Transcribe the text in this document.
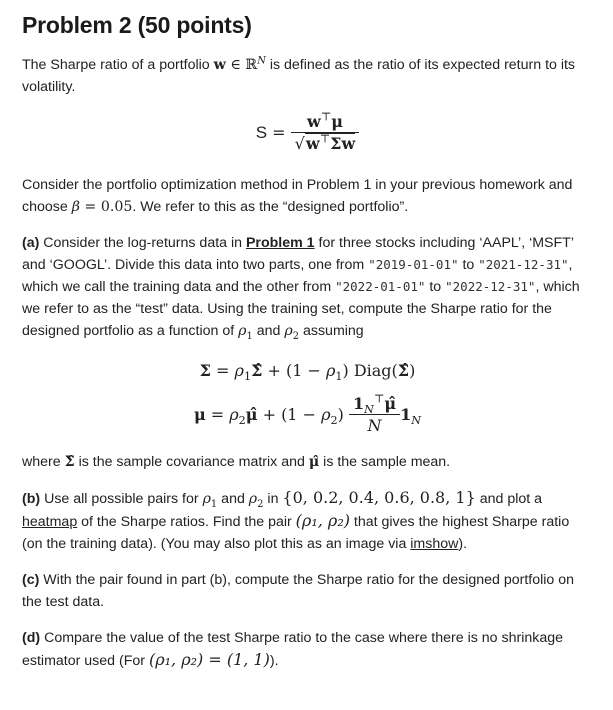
Problem 2 (50 points)

The Sharpe ratio of a portfolio w ∈ ℝ$^N$ is defined as the ratio of its expected return to its volatility.

$S = \frac{w^⊤\mu}{√w^⊤\Sigma w}$

Consider the portfolio optimization method in Problem 1 in your previous homework and choose β = 0.05. We refer to this as the “designed portfolio”.

(a) Consider the log-returns data in Problem 1 for three stocks including ‘AAPL’, ‘MSFT’ and ‘GOOGL’. Divide this data into two parts, one from "2019-01-01" to "2021-12-31", which we call the training data and the other from "2022-01-01" to "2022-12-31", which we refer to as the “test” data. Using the training set, compute the Sharpe ratio for the designed portfolio as a function of $\rho_1$ and $\rho_2$ assuming

$\Sigma = \rho_1\Sigmâ + (1 - \rho_1)$ Diag(Σ̂)
$\mu = \rho_2\mû + (1 - \rho_2) \frac{1_N^⊤\mû}{N} 1_N$

where Σ̂ is the sample covariance matrix and μ̂ is the sample mean.

(b) Use all possible pairs for $\rho_1$ and $\rho_2$ in {0, 0.2, 0.4, 0.6, 0.8, 1} and plot a heatmap of the Sharpe ratios. Find the pair (ρ₁, ρ₂) that gives the highest Sharpe ratio (on the training data). (You may also plot this as an image via imshow).

(c) With the pair found in part (b), compute the Sharpe ratio for the designed portfolio on the test data.

(d) Compare the value of the test Sharpe ratio to the case where there is no shrinkage estimator used (For (ρ₁, ρ₂) = (1, 1)).
